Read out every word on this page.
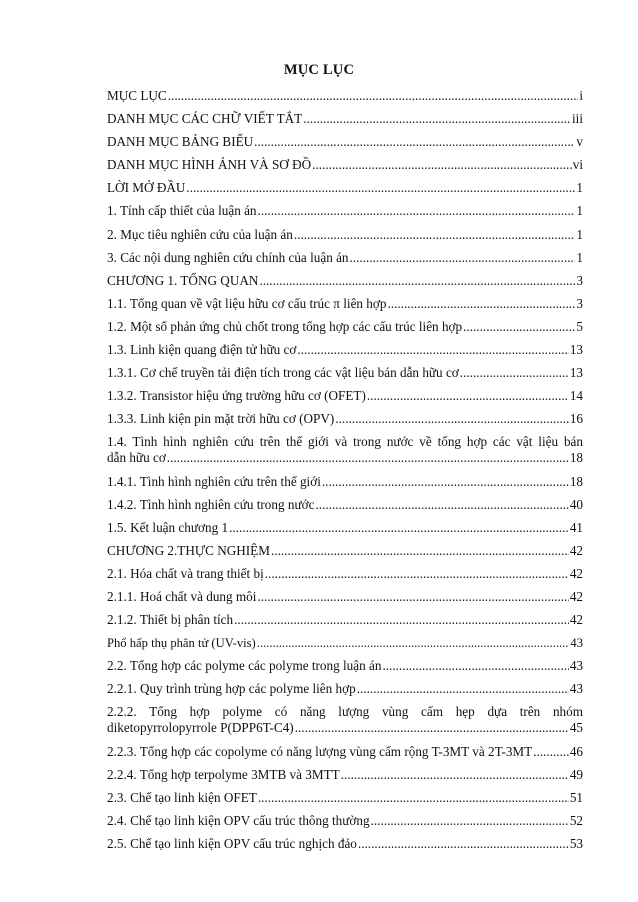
MỤC LỤC
MỤC LỤC .....	i
DANH MỤC CÁC CHỮ VIẾT TẮT .....	iii
DANH MỤC BẢNG BIỂU .....	v
DANH MỤC HÌNH ẢNH VÀ SƠ ĐỒ .....	vi
LỜI MỞ ĐẦU .....	1
1. Tính cấp thiết của luận án .....	1
2. Mục tiêu nghiên cứu của luận án .....	1
3. Các nội dung nghiên cứu chính của luận án .....	1
CHƯƠNG 1. TỔNG QUAN .....	3
1.1. Tổng quan về vật liệu hữu cơ cấu trúc π liên hợp .....	3
1.2. Một số phản ứng chủ chốt trong tổng hợp các cấu trúc liên hợp .....	5
1.3. Linh kiện quang điện tử hữu cơ .....	13
1.3.1. Cơ chế truyền tải điện tích trong các vật liệu bán dẫn hữu cơ .....	13
1.3.2. Transistor hiệu ứng trường hữu cơ (OFET) .....	14
1.3.3. Linh kiện pin mặt trời hữu cơ (OPV) .....	16
1.4. Tình hình nghiên cứu trên thế giới và trong nước về tổng hợp các vật liệu bán
dẫn hữu cơ .....	18
1.4.1. Tình hình nghiên cứu trên thế giới .....	18
1.4.2. Tình hình nghiên cứu trong nước .....	40
1.5. Kết luận chương 1 .....	41
CHƯƠNG 2.THỰC NGHIỆM .....	42
2.1. Hóa chất và trang thiết bị .....	42
2.1.1. Hoá chất và dung môi .....	42
2.1.2. Thiết bị phân tích .....	42
Phổ hấp thụ phân tử (UV-vis) .....	43
2.2. Tổng hợp các polyme các polyme trong luận án .....	43
2.2.1. Quy trình trùng hợp các polyme liên hợp .....	43
2.2.2. Tổng hợp polyme có năng lượng vùng cấm hẹp dựa trên nhóm
diketopyrrolopyrrole P(DPP6T-C4) .....	45
2.2.3. Tổng hợp các copolyme có năng lượng vùng cấm rộng T-3MT và 2T-3MT .....	46
2.2.4. Tổng hợp terpolyme 3MTB và 3MTT .....	49
2.3. Chế tạo linh kiện OFET .....	51
2.4. Chế tạo linh kiện OPV cấu trúc thông thường .....	52
2.5. Chế tạo linh kiện OPV cấu trúc nghịch đảo .....	53
